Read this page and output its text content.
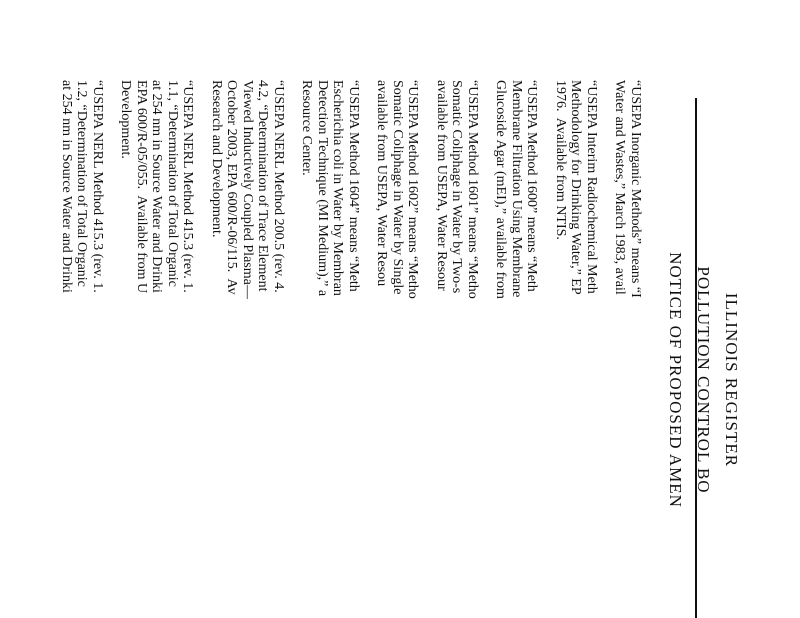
ILLINOIS REGISTER
POLLUTION CONTROL BO
NOTICE OF PROPOSED AMEN
“USEPA Inorganic Methods” means “I
Water and Wastes,” March 1983, avail
“USEPA Interim Radiochemical Meth
Methodology for Drinking Water,” EP
1976.  Available from NTIS.
“USEPA Method 1600” means “Meth
Membrane Filtration Using Membrane
Glucoside Agar (mEI),” available from
“USEPA Method 1601” means “Metho
Somatic Coliphage in Water by Two-s
available from USEPA, Water Resour
“USEPA Method 1602” means “Metho
Somatic Coliphage in Water by Single
available from USEPA, Water Resou
“USEPA Method 1604” means “Meth
Escherichia coli in Water by Membran
Detection Technique (MI Medium),” a
Resource Center.
“USEPA NERL Method 200.5 (rev. 4.
4.2, “Determination of Trace Element
Viewed Inductively Coupled Plasma—
October 2003, EPA 600/R-06/115.  Av
Research and Development.
“USEPA NERL Method 415.3 (rev. 1.
1.1, “Determination of Total Organic
at 254 nm in Source Water and Drinki
EPA 600/R-05/055.  Available from U
Development.
“USEPA NERL Method 415.3 (rev. 1.
1.2, “Determination of Total Organic
at 254 nm in Source Water and Drinki
